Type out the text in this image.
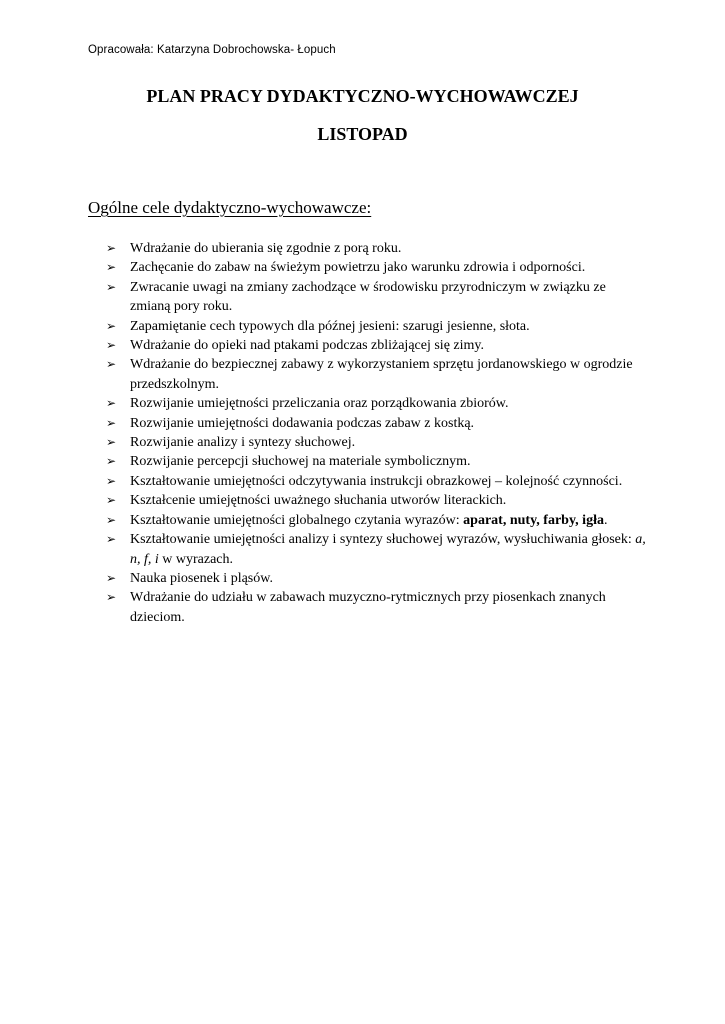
Opracowała: Katarzyna Dobrochowska- Łopuch
PLAN PRACY DYDAKTYCZNO-WYCHOWAWCZEJ
LISTOPAD
Ogólne cele dydaktyczno-wychowawcze:
➢ Wdrażanie do ubierania się zgodnie z porą roku.
➢ Zachęcanie do zabaw na świeżym powietrzu jako warunku zdrowia i odporności.
➢ Zwracanie uwagi na zmiany zachodzące w środowisku przyrodniczym w związku ze zmianą pory roku.
➢ Zapamiętanie cech typowych dla późnej jesieni: szarugi jesienne, słota.
➢ Wdrażanie do opieki nad ptakami podczas zbliżającej się zimy.
➢ Wdrażanie do bezpiecznej zabawy z wykorzystaniem sprzętu jordanowskiego w ogrodzie przedszkolnym.
➢ Rozwijanie umiejętności przeliczania oraz porządkowania zbiorów.
➢ Rozwijanie umiejętności dodawania podczas zabaw z kostką.
➢ Rozwijanie analizy i syntezy słuchowej.
➢ Rozwijanie percepcji słuchowej na materiale symbolicznym.
➢ Kształtowanie umiejętności odczytywania instrukcji obrazkowej – kolejność czynności.
➢ Kształcenie umiejętności uważnego słuchania utworów literackich.
➢ Kształtowanie umiejętności globalnego czytania wyrazów: aparat, nuty, farby, igła.
➢ Kształtowanie umiejętności analizy i syntezy słuchowej wyrazów, wysłuchiwania głosek: a, n, f, i w wyrazach.
➢ Nauka piosenek i pląsów.
➢ Wdrażanie do udziału w zabawach muzyczno-rytmicznych przy piosenkach znanych dzieciom.
